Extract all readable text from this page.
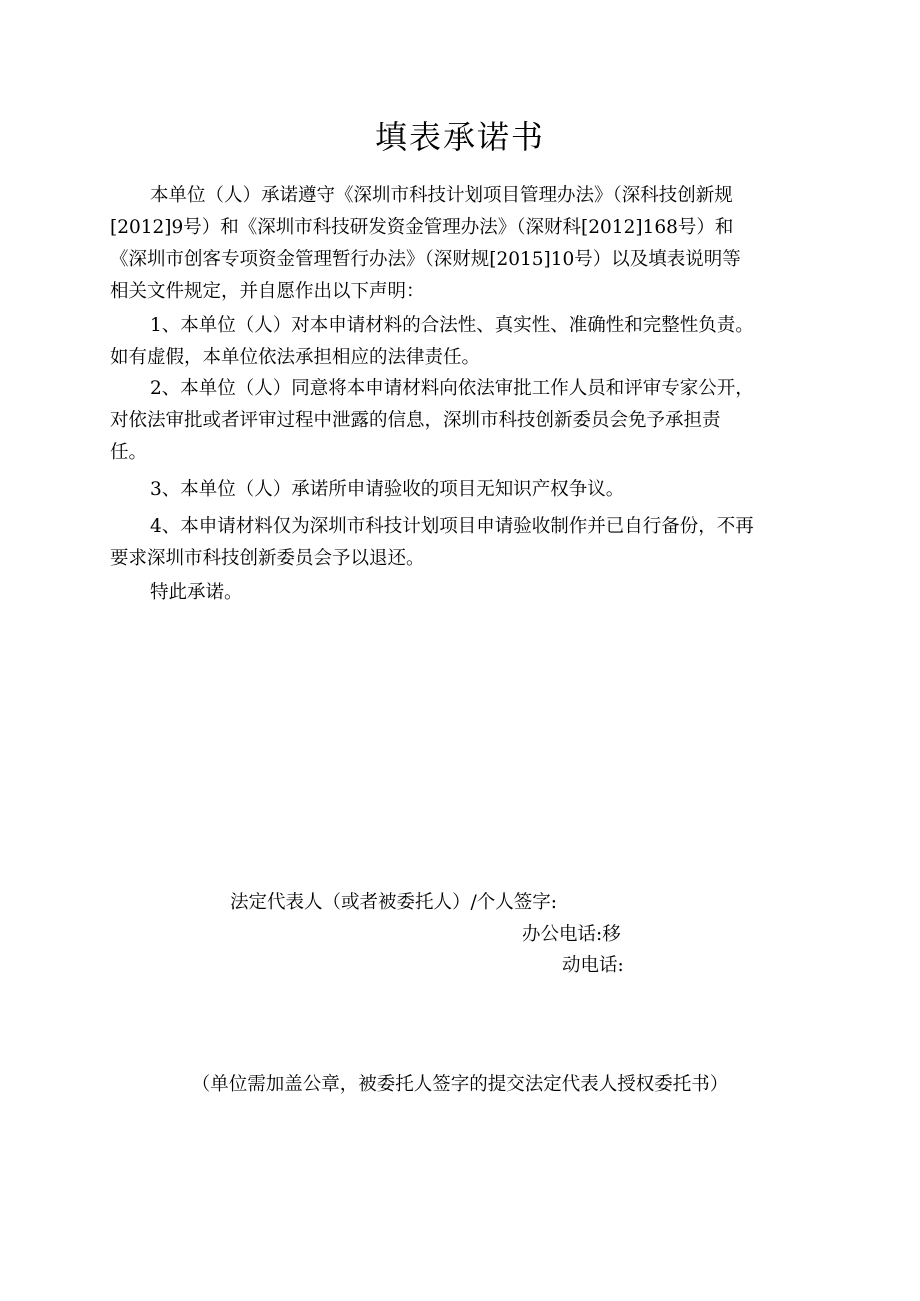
填表承诺书
本单位（人）承诺遵守《深圳市科技计划项目管理办法》（深科技创新规
[2012]9号）和《深圳市科技研发资金管理办法》（深财科[2012]168号）和
《深圳市创客专项资金管理暂行办法》（深财规[2015]10号）以及填表说明等
相关文件规定，并自愿作出以下声明：
1、本单位（人）对本申请材料的合法性、真实性、准确性和完整性负责。
如有虚假，本单位依法承担相应的法律责任。
2、本单位（人）同意将本申请材料向依法审批工作人员和评审专家公开，
对依法审批或者评审过程中泄露的信息，深圳市科技创新委员会免予承担责
任。
3、本单位（人）承诺所申请验收的项目无知识产权争议。
4、本申请材料仅为深圳市科技计划项目申请验收制作并已自行备份，不再
要求深圳市科技创新委员会予以退还。
特此承诺。
法定代表人（或者被委托人）/个人签字:
办公电话:移
动电话:
（单位需加盖公章，被委托人签字的提交法定代表人授权委托书）
